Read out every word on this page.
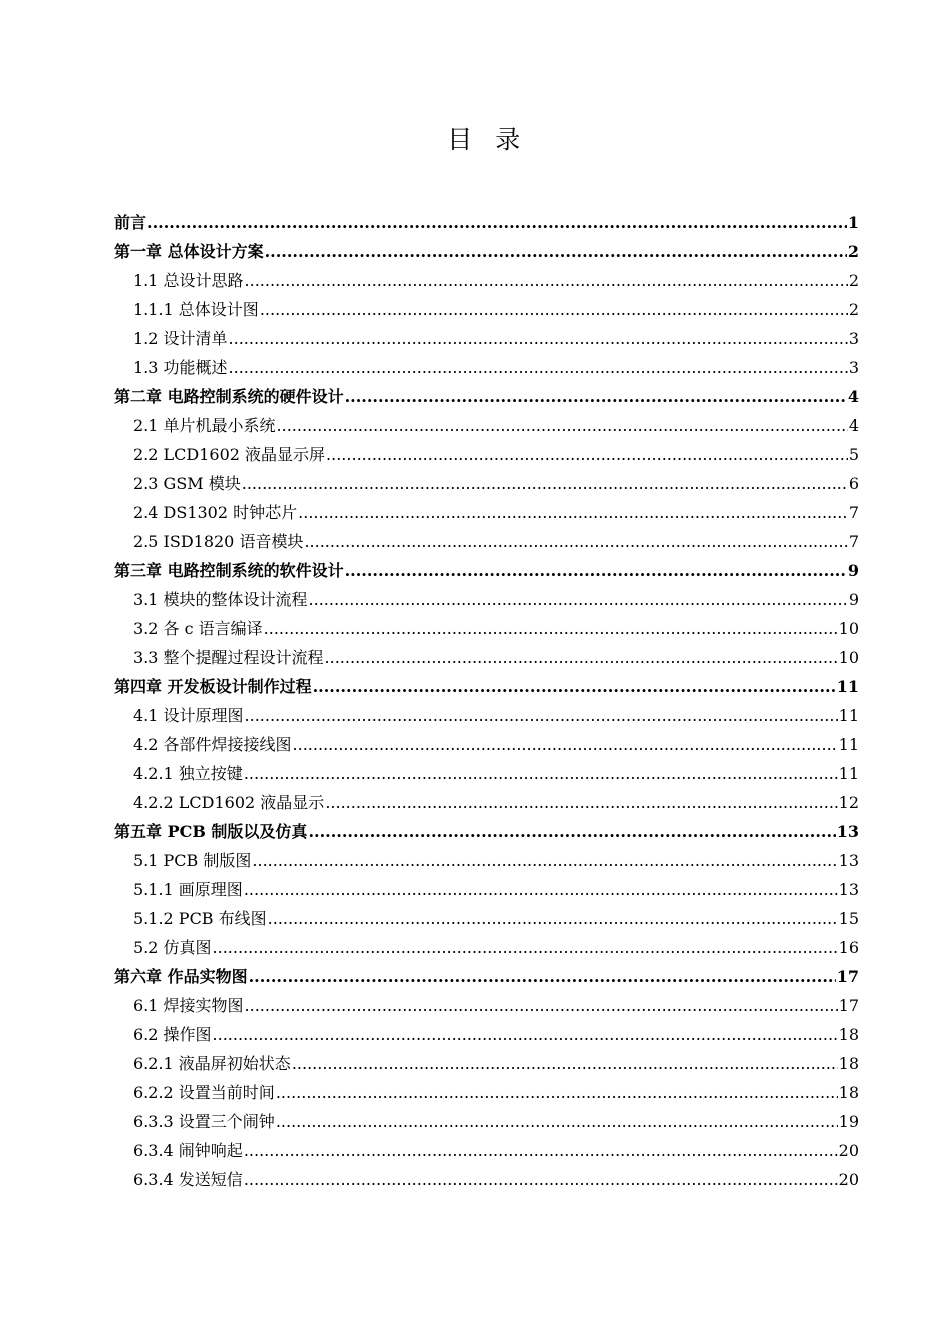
目 录
前言 .....	1
第一章 总体设计方案 .....	2
1.1 总设计思路 .....	2
1.1.1 总体设计图 .....	2
1.2 设计清单 .....	3
1.3 功能概述 .....	3
第二章 电路控制系统的硬件设计 .....	4
2.1 单片机最小系统 .....	4
2.2 LCD1602 液晶显示屏 .....	5
2.3 GSM 模块 .....	6
2.4 DS1302 时钟芯片 .....	7
2.5 ISD1820 语音模块 .....	7
第三章 电路控制系统的软件设计 .....	9
3.1 模块的整体设计流程 .....	9
3.2 各 c 语言编译 .....	10
3.3 整个提醒过程设计流程 .....	10
第四章 开发板设计制作过程 .....	11
4.1 设计原理图 .....	11
4.2 各部件焊接接线图 .....	11
4.2.1 独立按键 .....	11
4.2.2 LCD1602 液晶显示 .....	12
第五章 PCB 制版以及仿真 .....	13
5.1 PCB 制版图 .....	13
5.1.1 画原理图 .....	13
5.1.2 PCB 布线图 .....	15
5.2 仿真图 .....	16
第六章 作品实物图 .....	17
6.1 焊接实物图 .....	17
6.2 操作图 .....	18
6.2.1 液晶屏初始状态 .....	18
6.2.2 设置当前时间 .....	18
6.3.3 设置三个闹钟 .....	19
6.3.4 闹钟响起 .....	20
6.3.4 发送短信 .....	20
